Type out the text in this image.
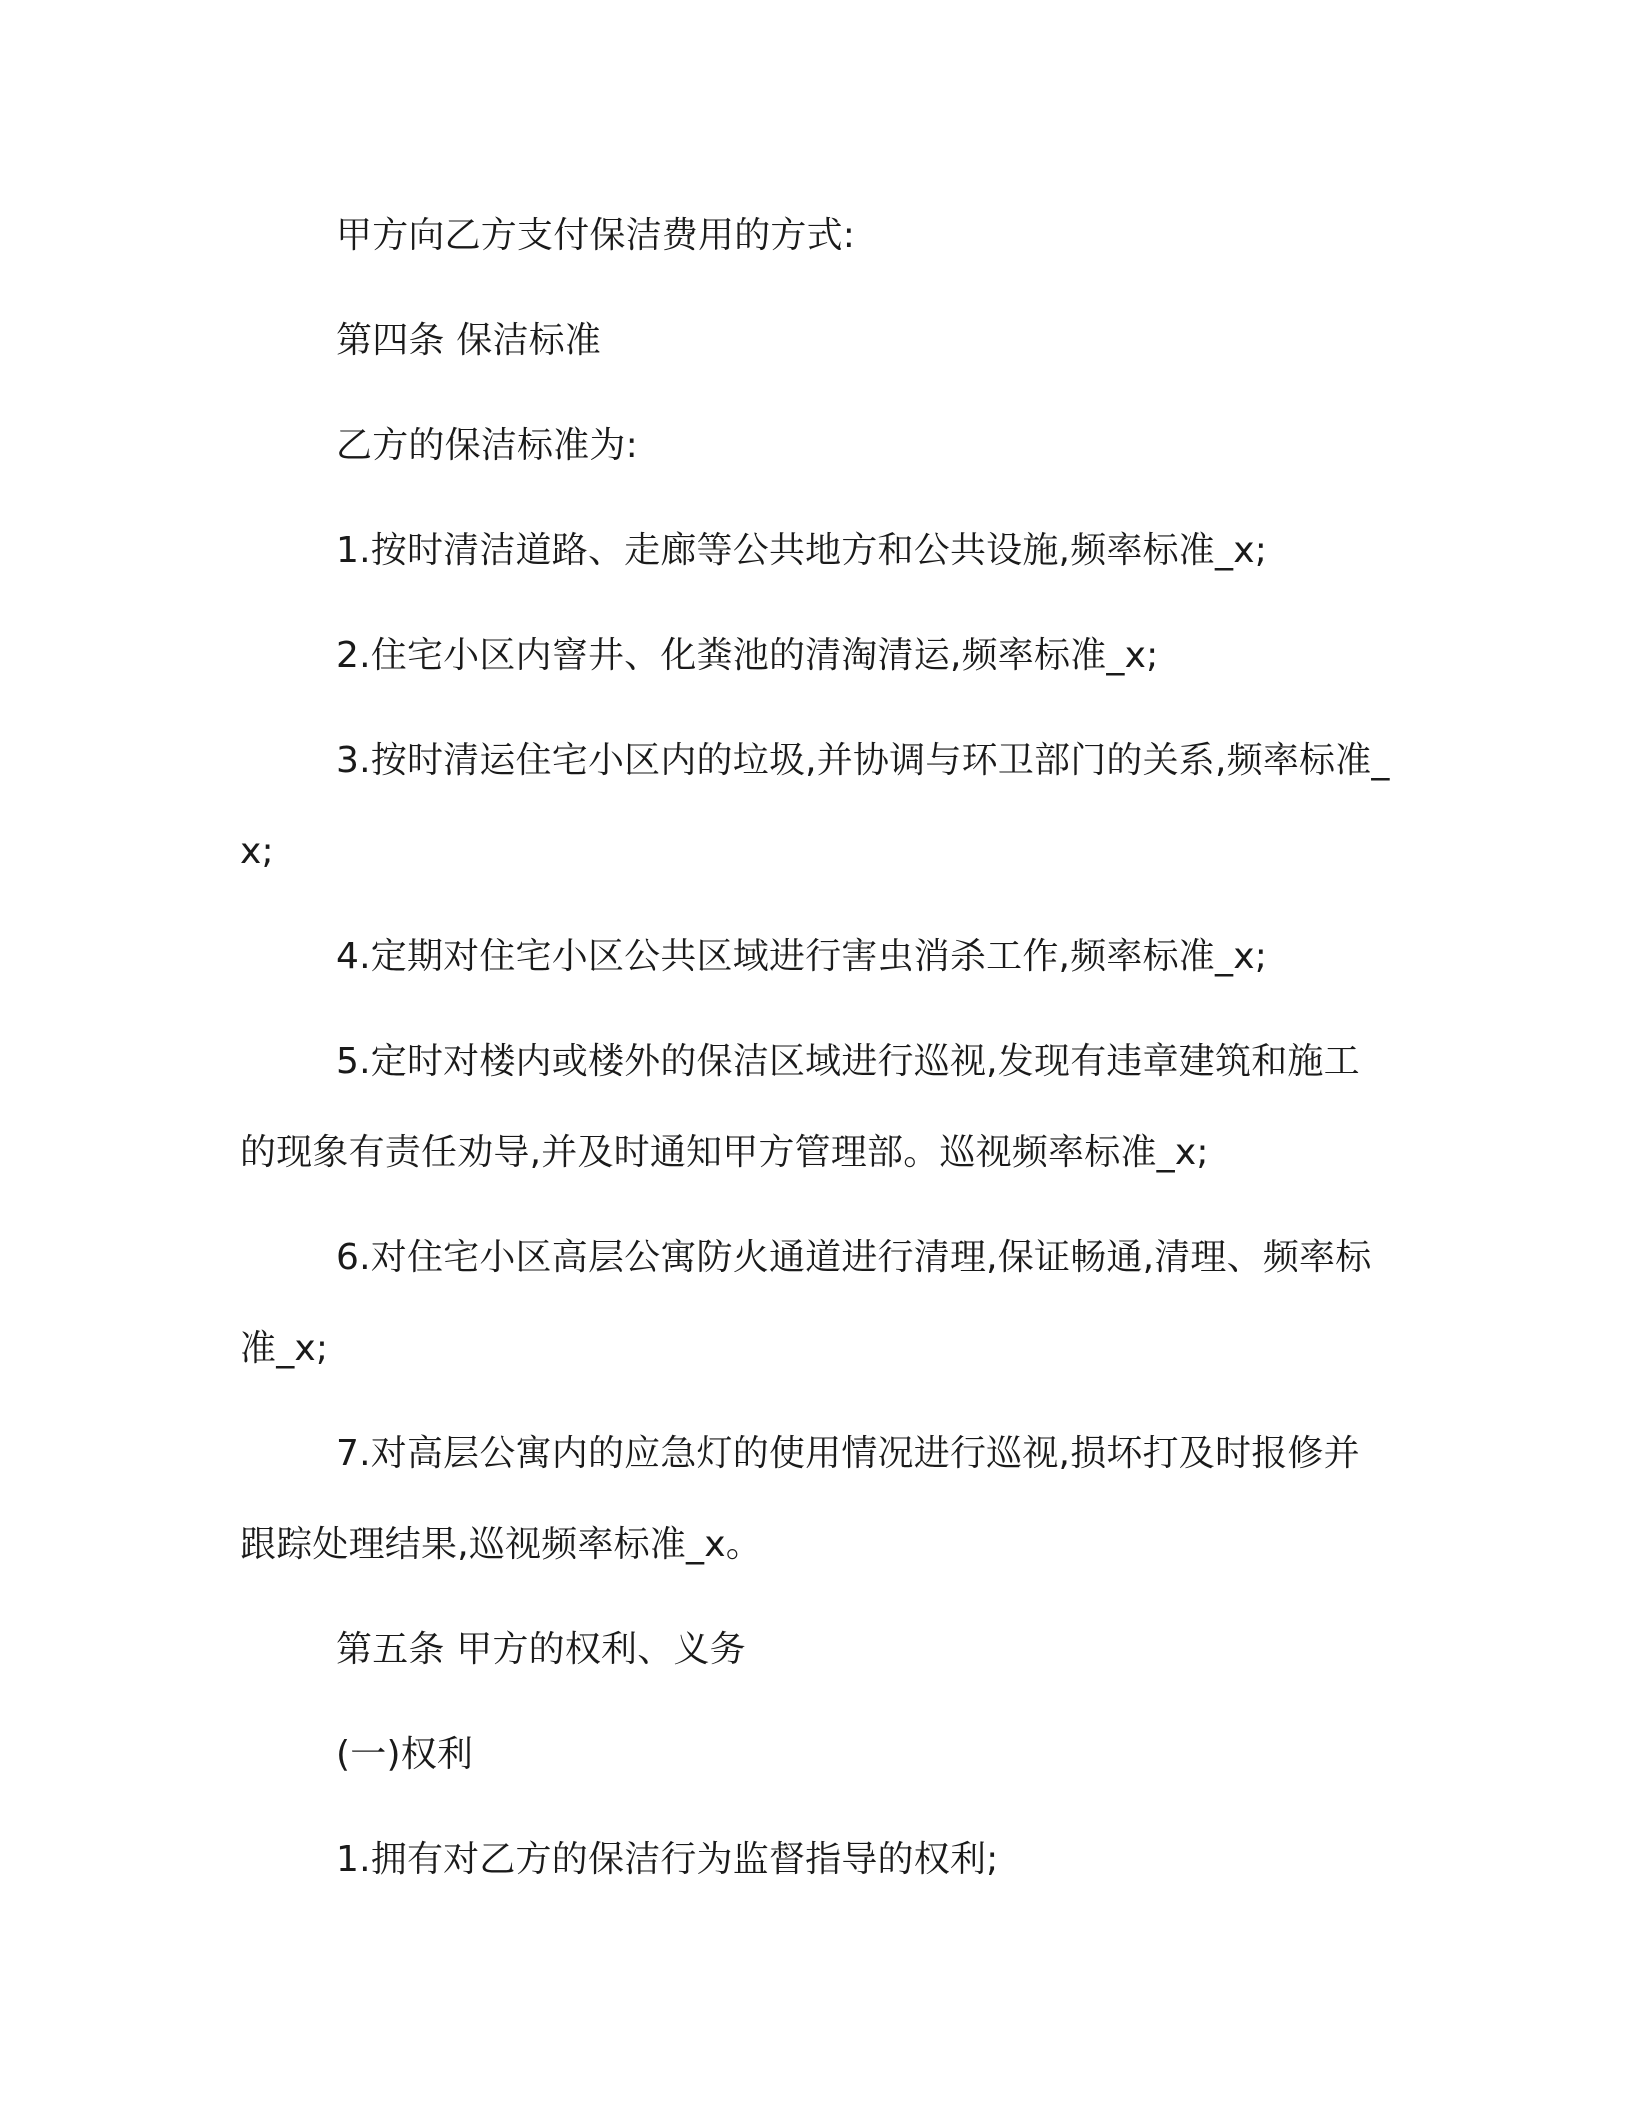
甲方向乙方支付保洁费用的方式:

第四条 保洁标准

乙方的保洁标准为:

1.按时清洁道路、走廊等公共地方和公共设施,频率标准_x;

2.住宅小区内窨井、化粪池的清淘清运,频率标准_x;

3.按时清运住宅小区内的垃圾,并协调与环卫部门的关系,频率标准_x;

4.定期对住宅小区公共区域进行害虫消杀工作,频率标准_x;

5.定时对楼内或楼外的保洁区域进行巡视,发现有违章建筑和施工的现象有责任劝导,并及时通知甲方管理部。巡视频率标准_x;

6.对住宅小区高层公寓防火通道进行清理,保证畅通,清理、频率标准_x;

7.对高层公寓内的应急灯的使用情况进行巡视,损坏打及时报修并跟踪处理结果,巡视频率标准_x。

第五条 甲方的权利、义务

(一)权利

1.拥有对乙方的保洁行为监督指导的权利;
